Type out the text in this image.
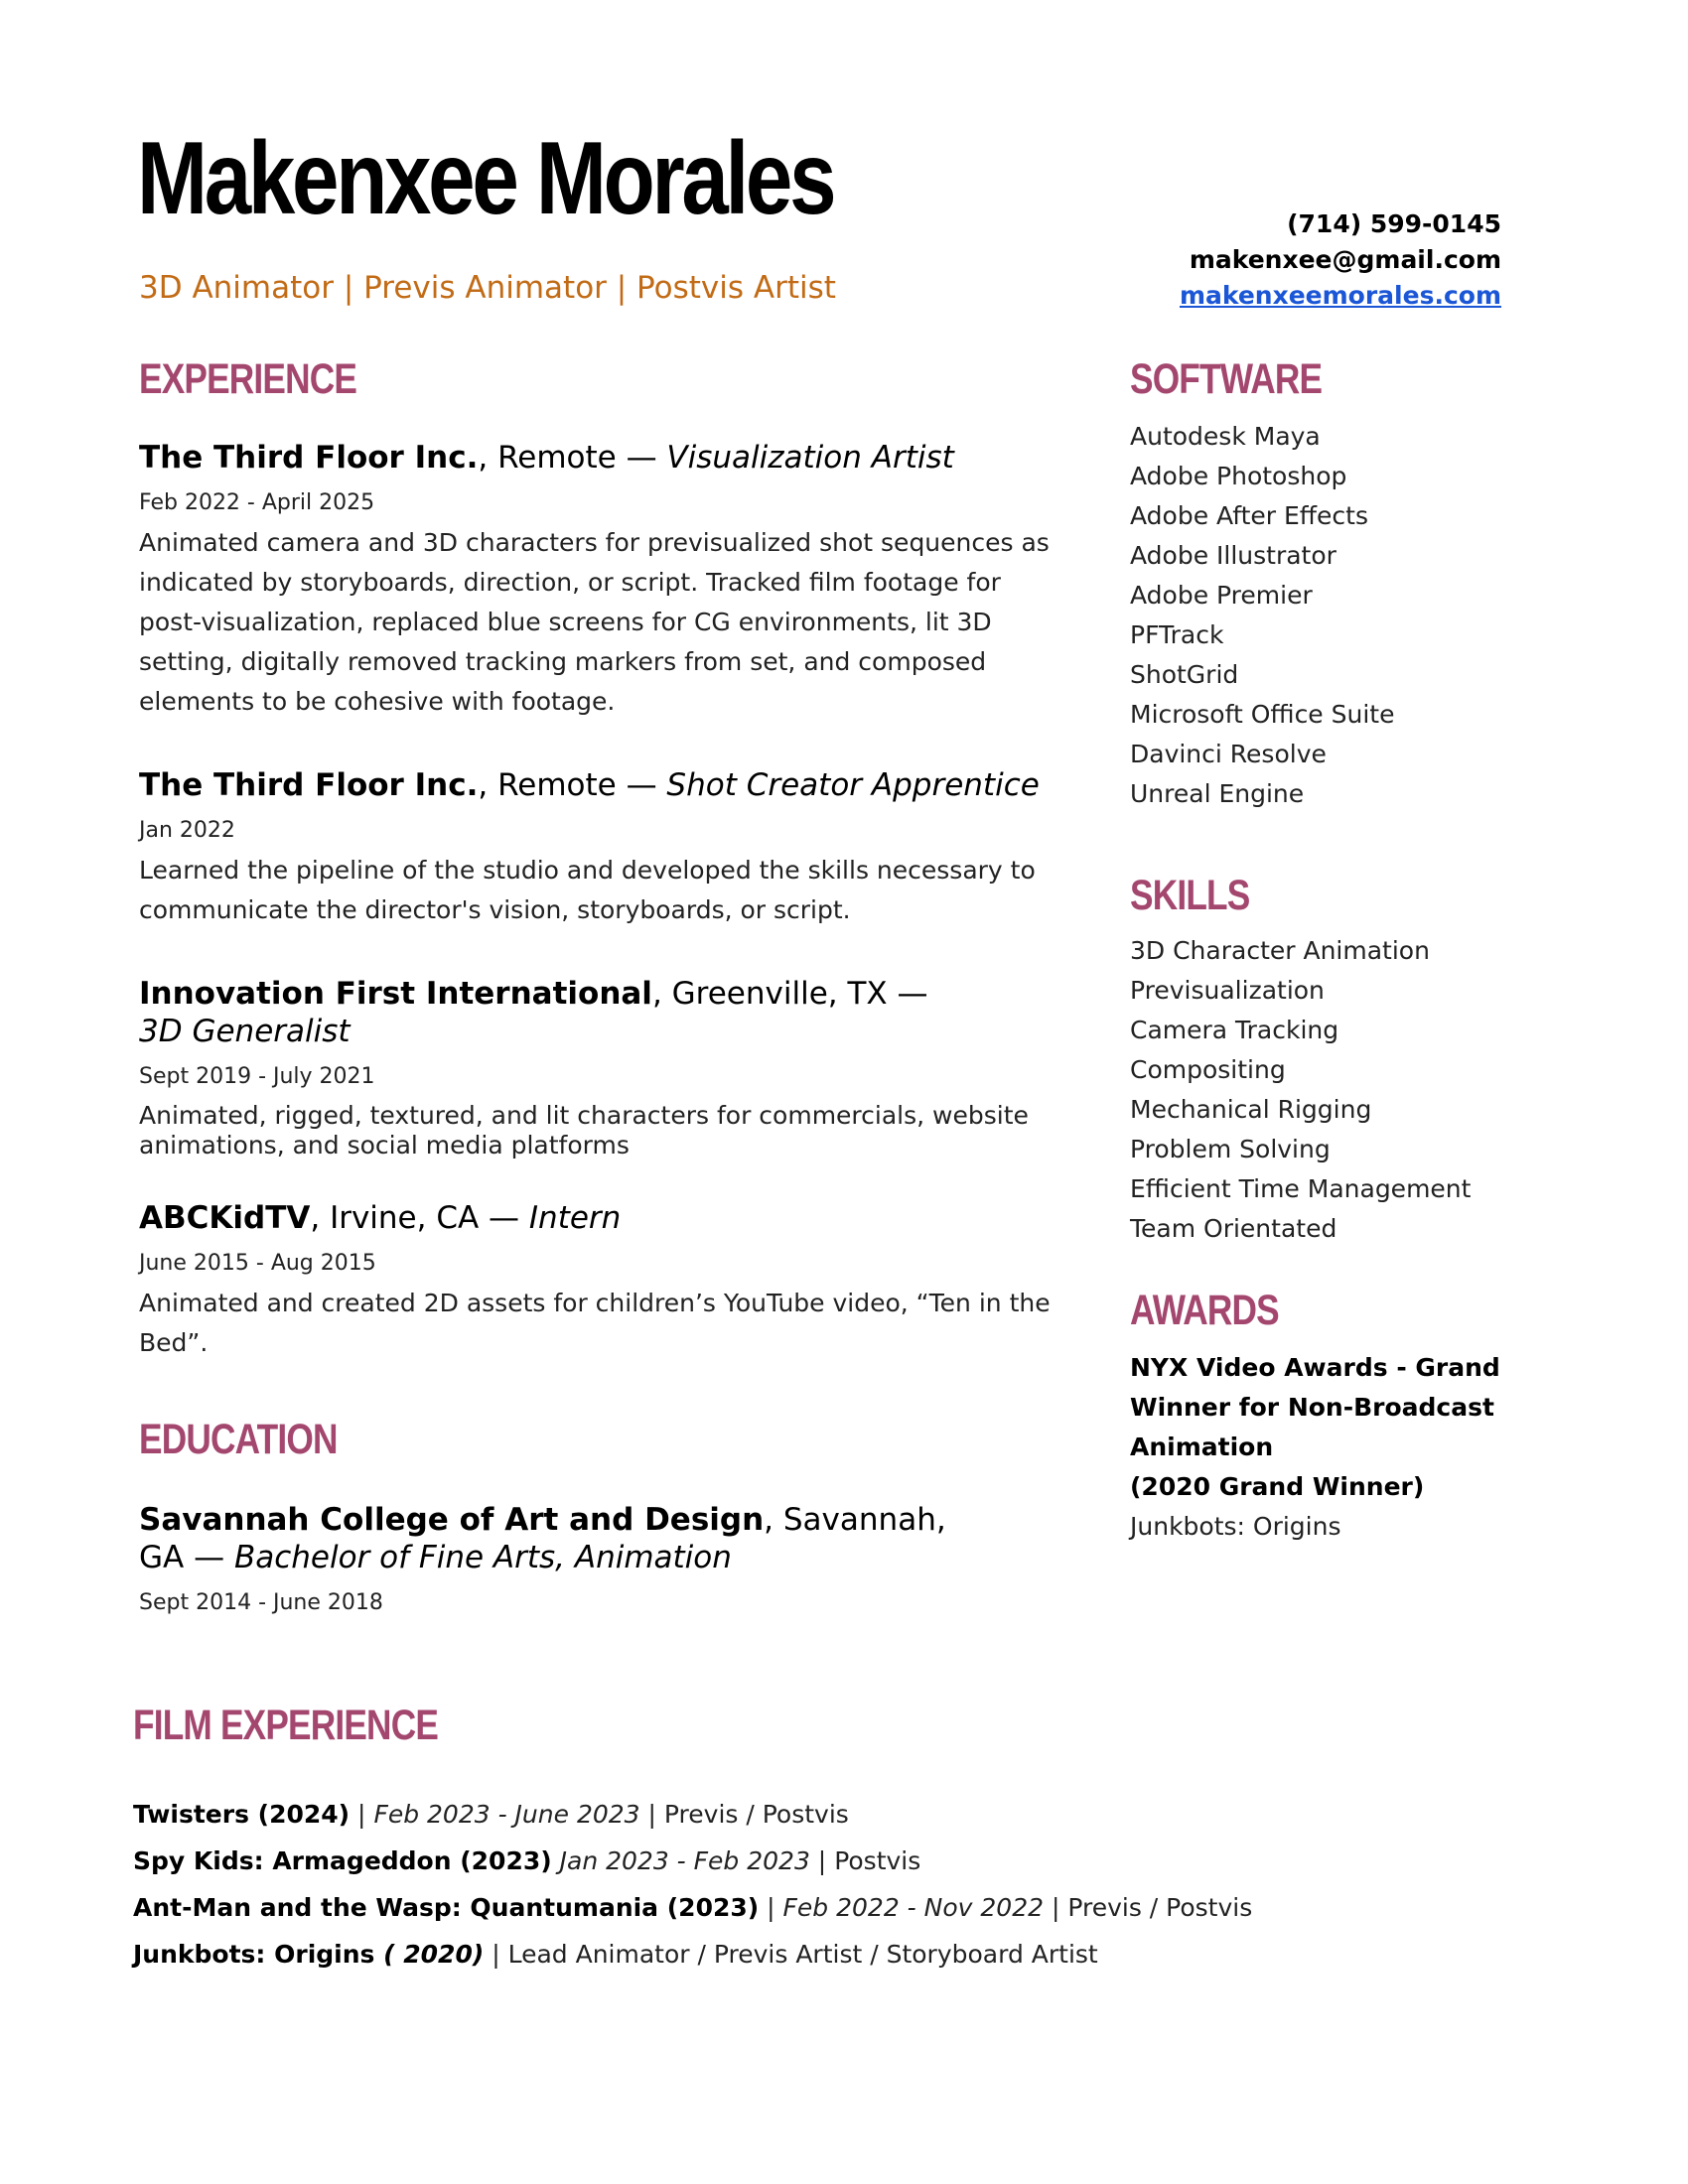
Makenxee Morales
3D Animator | Previs Animator | Postvis Artist
(714) 599-0145
makenxee@gmail.com
makenxeemorales.com
EXPERIENCE

The Third Floor Inc., Remote — Visualization Artist

Feb 2022 - April 2025

Animated camera and 3D characters for previsualized shot sequences as indicated by storyboards, direction, or script. Tracked film footage for post-visualization, replaced blue screens for CG environments, lit 3D setting, digitally removed tracking markers from set, and composed elements to be cohesive with footage.

The Third Floor Inc., Remote — Shot Creator Apprentice

Jan 2022

Learned the pipeline of the studio and developed the skills necessary to communicate the director's vision, storyboards, or script.

Innovation First International, Greenville, TX — 3D Generalist

Sept 2019 - July 2021

Animated, rigged, textured, and lit characters for commercials, website animations, and social media platforms

ABCKidTV, Irvine, CA — Intern

June 2015 - Aug 2015

Animated and created 2D assets for children’s YouTube video, “Ten in the Bed”.

EDUCATION

Savannah College of Art and Design, Savannah, GA — Bachelor of Fine Arts, Animation

Sept 2014 - June 2018

SOFTWARE
Autodesk Maya
Adobe Photoshop
Adobe After Effects
Adobe Illustrator
Adobe Premier
PFTrack
ShotGrid
Microsoft Office Suite
Davinci Resolve
Unreal Engine
SKILLS
3D Character Animation
Previsualization
Camera Tracking
Compositing
Mechanical Rigging
Problem Solving
Efficient Time Management
Team Orientated
AWARDS
NYX Video Awards - Grand
Winner for Non-Broadcast
Animation
(2020 Grand Winner)
Junkbots: Origins
FILM EXPERIENCE
Twisters (2024) | Feb 2023 - June 2023 | Previs / Postvis
Spy Kids: Armageddon (2023) Jan 2023 - Feb 2023 | Postvis
Ant-Man and the Wasp: Quantumania (2023) | Feb 2022 - Nov 2022 | Previs / Postvis
Junkbots: Origins ( 2020) | Lead Animator / Previs Artist / Storyboard Artist
